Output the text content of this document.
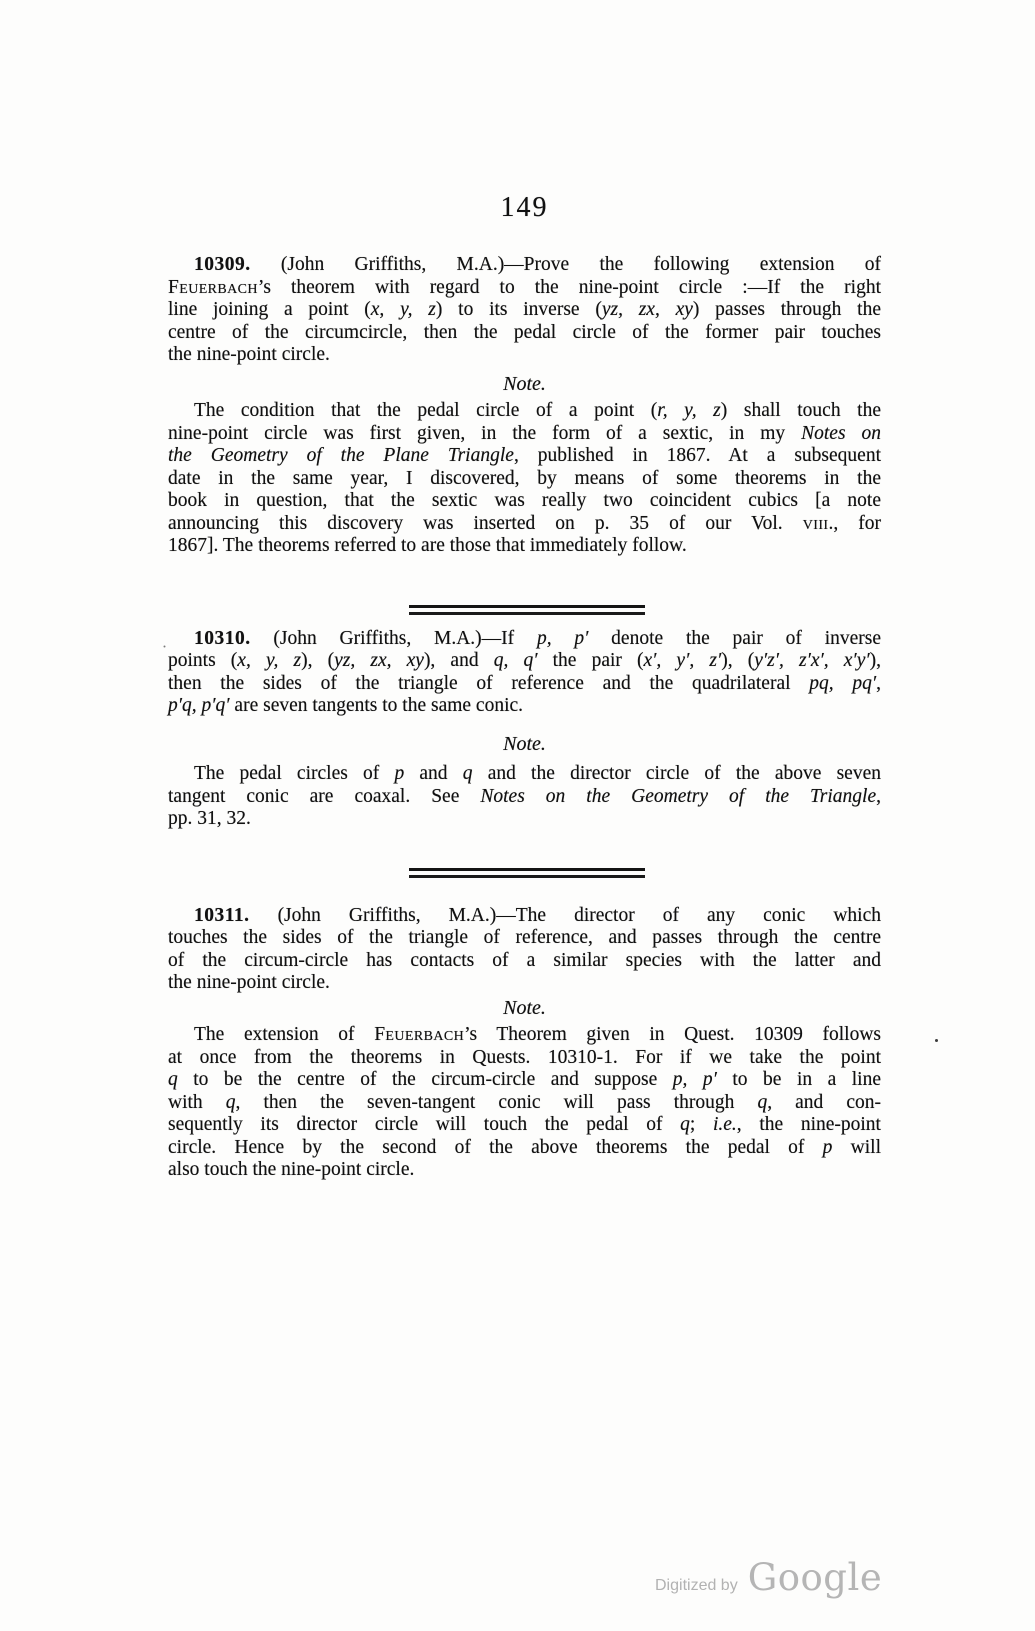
149
10309. (John Griffiths, M.A.)—Prove the following extension of
Feuerbach’s theorem with regard to the nine-point circle :—If the right
line joining a point (x, y, z) to its inverse (yz, zx, xy) passes through the
centre of the circumcircle, then the pedal circle of the former pair touches
the nine-point circle.
Note.
The condition that the pedal circle of a point (r, y, z) shall touch the
nine-point circle was first given, in the form of a sextic, in my Notes on
the Geometry of the Plane Triangle, published in 1867. At a subsequent
date in the same year, I discovered, by means of some theorems in the
book in question, that the sextic was really two coincident cubics [a note
announcing this discovery was inserted on p. 35 of our Vol. viii., for
1867]. The theorems referred to are those that immediately follow.
10310. (John Griffiths, M.A.)—If p, p′ denote the pair of inverse
points (x, y, z), (yz, zx, xy), and q, q′ the pair (x′, y′, z′), (y′z′, z′x′, x′y′),
then the sides of the triangle of reference and the quadrilateral pq, pq′,
p′q, p′q′ are seven tangents to the same conic.
Note.
The pedal circles of p and q and the director circle of the above seven
tangent conic are coaxal. See Notes on the Geometry of the Triangle,
pp. 31, 32.
10311. (John Griffiths, M.A.)—The director of any conic which
touches the sides of the triangle of reference, and passes through the centre
of the circum-circle has contacts of a similar species with the latter and
the nine-point circle.
Note.
The extension of Feuerbach’s Theorem given in Quest. 10309 follows
at once from the theorems in Quests. 10310-1. For if we take the point
q to be the centre of the circum-circle and suppose p, p′ to be in a line
with q, then the seven-tangent conic will pass through q, and con-
sequently its director circle will touch the pedal of q; i.e., the nine-point
circle. Hence by the second of the above theorems the pedal of p will
also touch the nine-point circle.
Digitized by Google
